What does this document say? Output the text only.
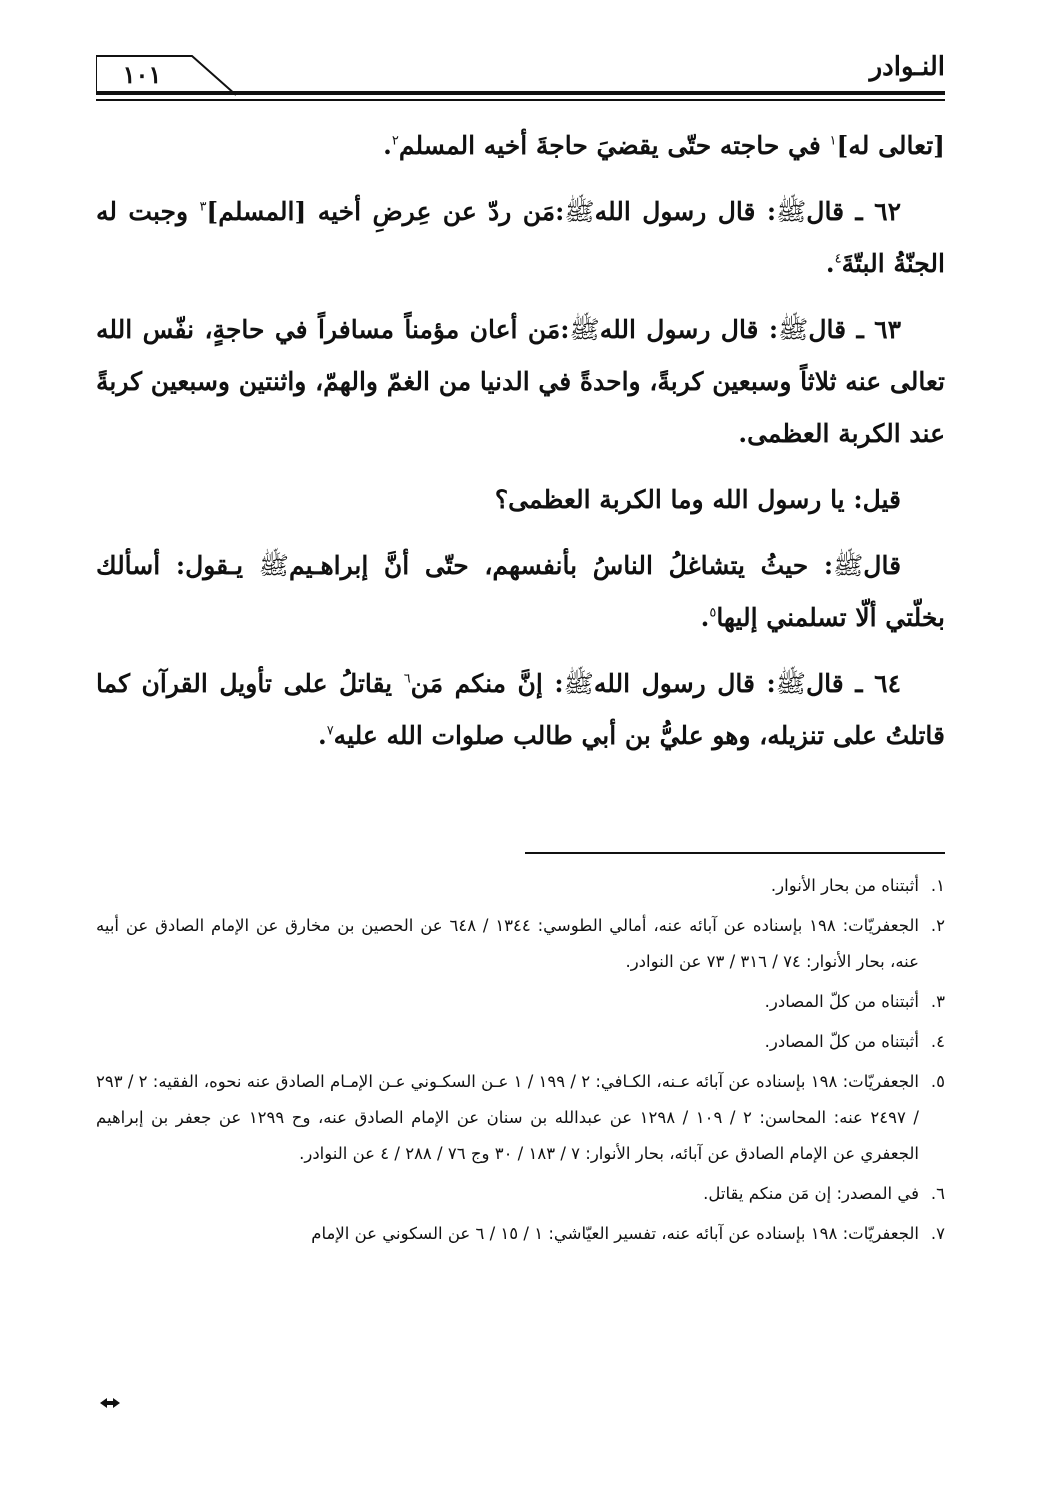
النـوادر
١٠١

[تعالى له]$^١$ في حاجته حتّى يقضيَ حاجةَ أخيه المسلم$^٢$.

٦٢ ـ قالﷺ: قال رسول اللهﷺ:مَن ردّ عن عِرضِ أخيه [المسلم]$^٣$ وجبت له الجنّةُ البتّةَ$^٤$.

٦٣ ـ قالﷺ: قال رسول اللهﷺ:مَن أعان مؤمناً مسافراً في حاجةٍ، نفّس الله تعالى عنه ثلاثاً وسبعين كربةً، واحدةً في الدنيا من الغمّ والهمّ، واثنتين وسبعين كربةً عند الكربة العظمى.

قيل: يا رسول الله وما الكربة العظمى؟

قالﷺ: حيثُ يتشاغلُ الناسُ بأنفسهم، حتّى أنَّ إبراهـيمﷺ يـقول: أسألك بخلّتي ألّا تسلمني إليها$^٥$.

٦٤ ـ قالﷺ: قال رسول اللهﷺ: إنَّ منكم مَن$^٦$ يقاتلُ على تأويل القرآن كما قاتلتُ على تنزيله، وهو عليُّ بن أبي طالب صلوات الله عليه$^٧$.

١.أثبتناه من بحار الأنوار.
٢.الجعفريّات: ١٩٨ بإسناده عن آبائه عنه، أمالي الطوسي: ١٣٤٤ / ٦٤٨ عن الحصين بن مخارق عن الإمام الصادق عن أبيه عنه، بحار الأنوار: ٧٤ / ٣١٦ / ٧٣ عن النوادر.
٣.أثبتناه من كلّ المصادر.
٤.أثبتناه من كلّ المصادر.
٥.الجعفريّات: ١٩٨ بإسناده عن آبائه عـنه، الكـافي: ٢ / ١٩٩ / ١ عـن السكـوني عـن الإمـام الصادق عنه نحوه، الفقيه: ٢ / ٢٩٣ / ٢٤٩٧ عنه: المحاسن: ٢ / ١٠٩ / ١٢٩٨ عن عبدالله بن سنان عن الإمام الصادق عنه، وح ١٢٩٩ عن جعفر بن إبراهيم الجعفري عن الإمام الصادق عن آبائه، بحار الأنوار: ٧ / ١٨٣ / ٣٠ وج ٧٦ / ٢٨٨ / ٤ عن النوادر.
٦.في المصدر: إن مَن منكم يقاتل.
٧.الجعفريّات: ١٩٨ بإسناده عن آبائه عنه، تفسير العيّاشي: ١ / ١٥ / ٦ عن السكوني عن الإمام
